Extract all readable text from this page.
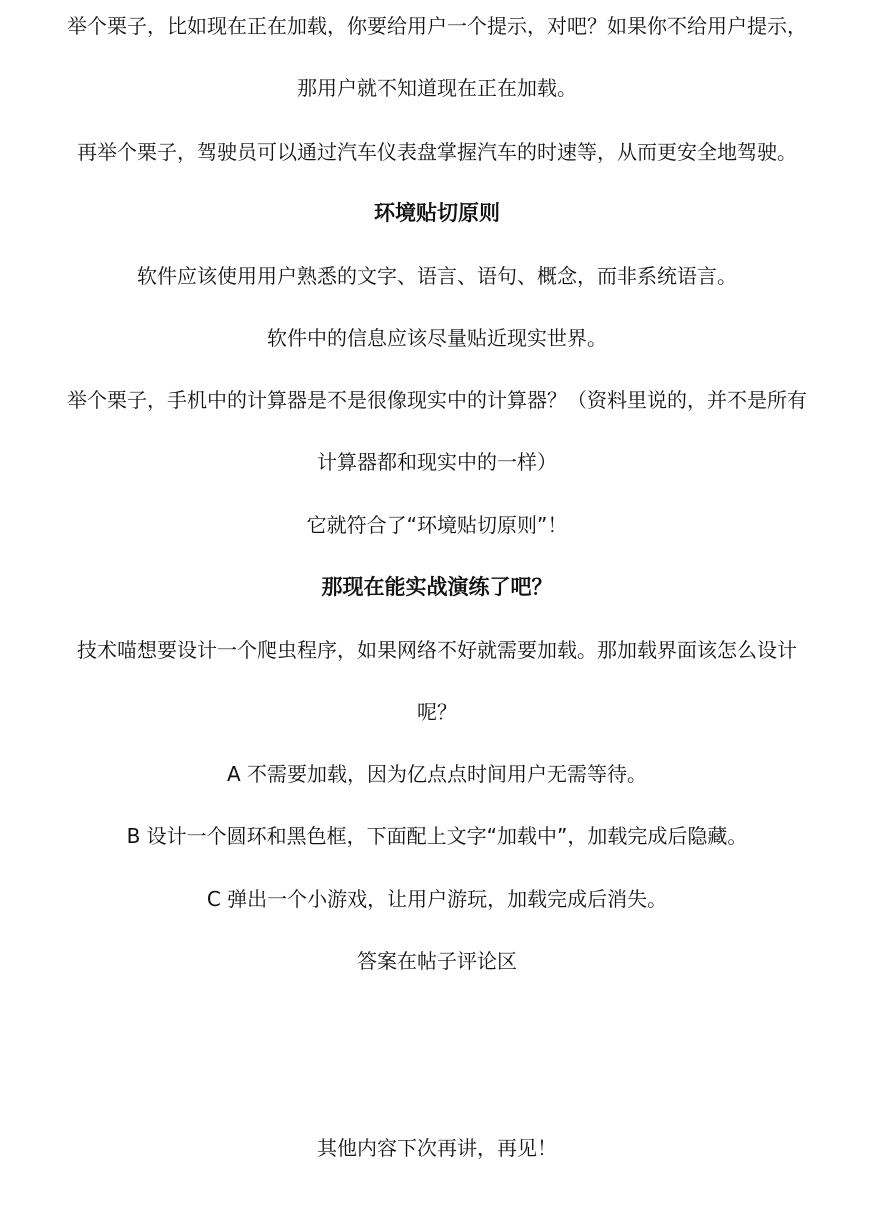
举个栗子，比如现在正在加载，你要给用户一个提示，对吧？如果你不给用户提示，
那用户就不知道现在正在加载。
再举个栗子，驾驶员可以通过汽车仪表盘掌握汽车的时速等，从而更安全地驾驶。
环境贴切原则
软件应该使用用户熟悉的文字、语言、语句、概念，而非系统语言。
软件中的信息应该尽量贴近现实世界。
举个栗子，手机中的计算器是不是很像现实中的计算器？（资料里说的，并不是所有
计算器都和现实中的一样）
它就符合了“环境贴切原则”！
那现在能实战演练了吧？
技术喵想要设计一个爬虫程序，如果网络不好就需要加载。那加载界面该怎么设计
呢？
A 不需要加载，因为亿点点时间用户无需等待。
B 设计一个圆环和黑色框，下面配上文字“加载中”，加载完成后隐藏。
C 弹出一个小游戏，让用户游玩，加载完成后消失。
答案在帖子评论区
其他内容下次再讲，再见！
